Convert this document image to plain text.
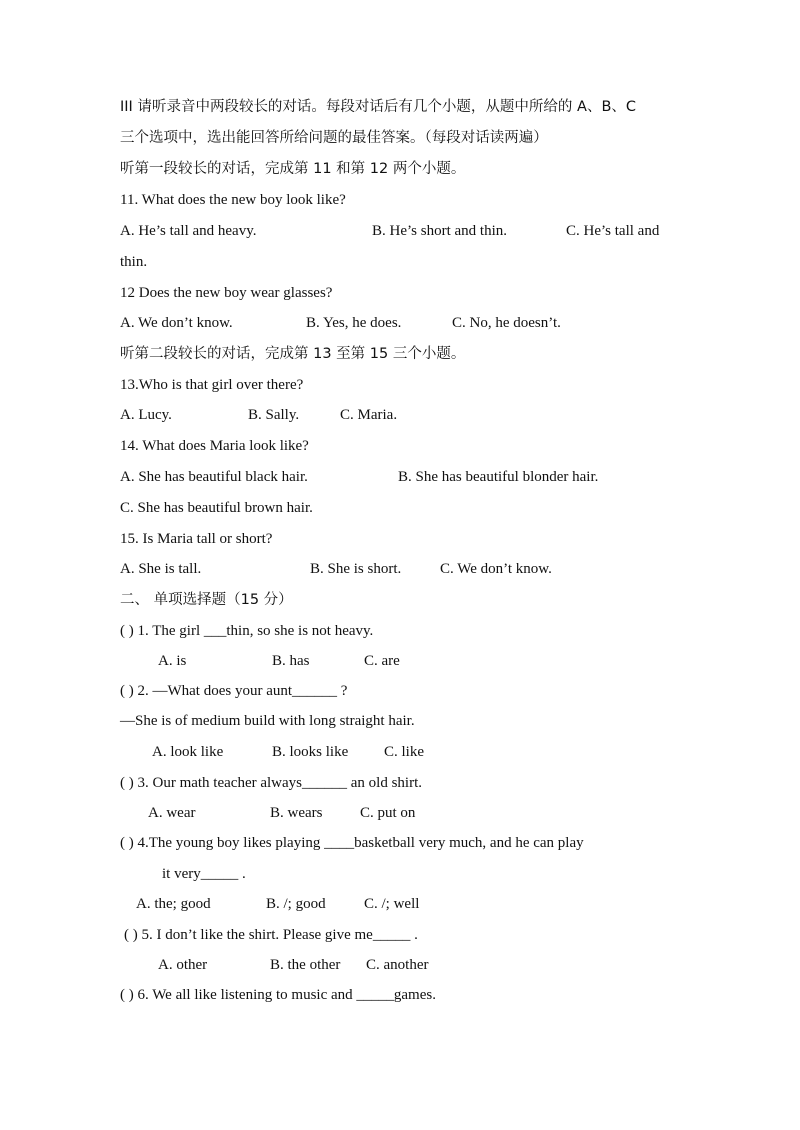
III 请听录音中两段较长的对话。每段对话后有几个小题，从题中所给的 A、B、C
三个选项中，选出能回答所给问题的最佳答案。（每段对话读两遍）
听第一段较长的对话，完成第 11 和第 12 两个小题。
11. What does the new boy look like?
A. He’s tall and heavy.	B. He’s short and thin.	C. He’s tall and
thin.
12 Does the new boy wear glasses?
A. We don’t know.	B. Yes, he does.	C. No, he doesn’t.
听第二段较长的对话，完成第 13 至第 15 三个小题。
13.Who is that girl over there?
A. Lucy.	B. Sally.	C. Maria.
14. What does Maria look like?
A. She has beautiful black hair.	B. She has beautiful blonder hair.
C. She has beautiful brown hair.
15. Is Maria tall or short?
A. She is tall.	B. She is short.	C. We don’t know.
二、 单项选择题（15 分）
( ) 1. The girl ___thin, so she is not heavy.
A. is	B. has	C. are
( ) 2. —What does your aunt______ ?
—She is of medium build with long straight hair.
A. look like	B. looks like C. like
( ) 3. Our math teacher always______ an old shirt.
A. wear	B. wears	C. put on
( ) 4.The young boy likes playing ____basketball very much, and he can play
it very_____ .
A. the; good	B. /; good	C. /; well
( ) 5. I don’t like the shirt. Please give me_____ .
A. other	B. the other C. another
( ) 6. We all like listening to music and _____games.
